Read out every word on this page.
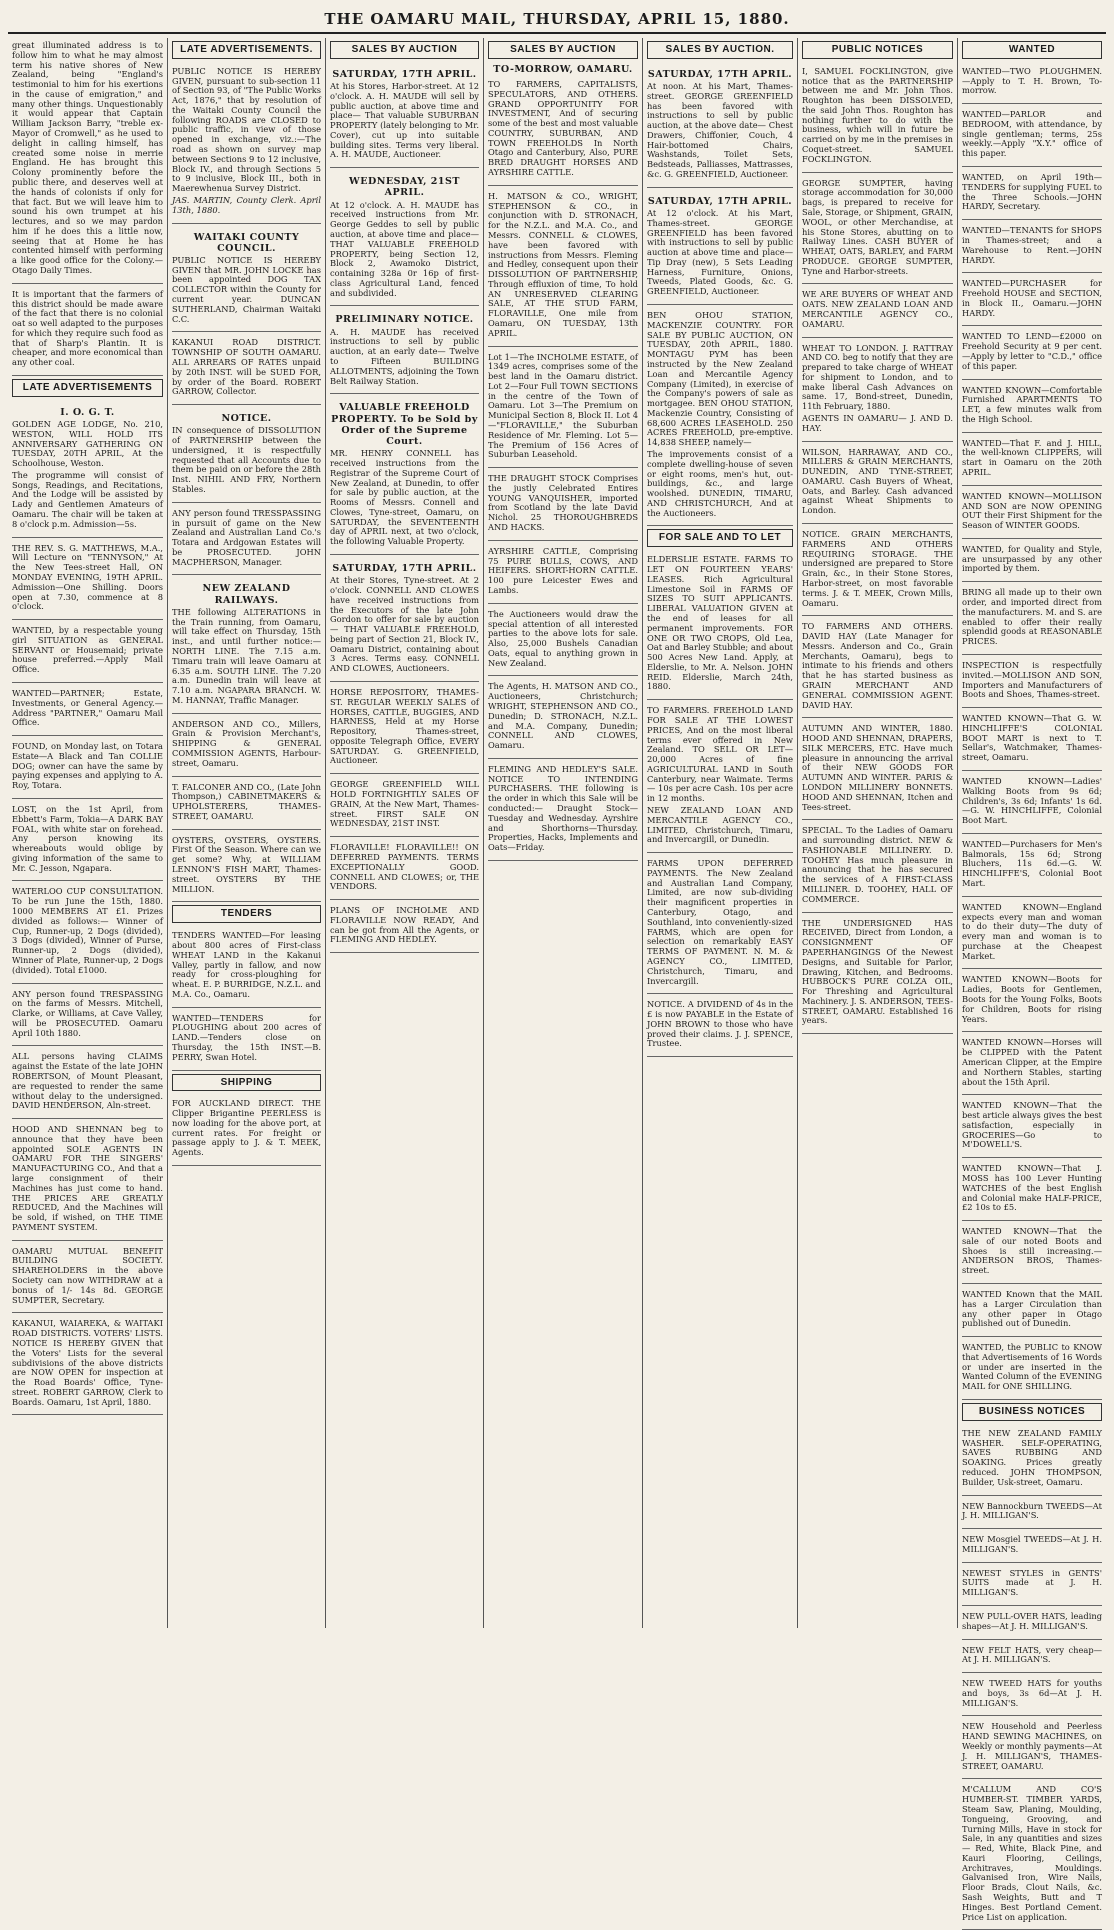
THE OAMARU MAIL, THURSDAY, APRIL 15, 1880.

great illuminated address is to follow him to what he may almost term his native shores of New Zealand, being "England's testimonial to him for his exertions in the cause of emigration," and many other things. Unquestionably it would appear that Captain William Jackson Barry, "treble ex-Mayor of Cromwell," as he used to delight in calling himself, has created some noise in merrie England. He has brought this Colony prominently before the public there, and deserves well at the hands of colonists if only for that fact. But we will leave him to sound his own trumpet at his lectures, and so we may pardon him if he does this a little now, seeing that at Home he has contented himself with performing a like good office for the Colony.—Otago Daily Times.

It is important that the farmers of this district should be made aware of the fact that there is no colonial oat so well adapted to the purposes for which they require such food as that of Sharp's Plantin. It is cheaper, and more economical than any other coal.

LATE ADVERTISEMENTS
I. O. G. T.

GOLDEN AGE LODGE, No. 210, WESTON, WILL HOLD ITS ANNIVERSARY GATHERING ON TUESDAY, 20TH APRIL, At the Schoolhouse, Weston.

The programme will consist of Songs, Readings, and Recitations, And the Lodge will be assisted by Lady and Gentlemen Amateurs of Oamaru. The chair will be taken at 8 o'clock p.m. Admission—5s.

THE REV. S. G. MATTHEWS, M.A., Will Lecture on "TENNYSON," At the New Tees-street Hall, ON MONDAY EVENING, 19TH APRIL. Admission—One Shilling. Doors open at 7.30, commence at 8 o'clock.

WANTED, by a respectable young girl SITUATION as GENERAL SERVANT or Housemaid; private house preferred.—Apply Mail Office.

WANTED—PARTNER; Estate, Investments, or General Agency.—Address "PARTNER," Oamaru Mail Office.

FOUND, on Monday last, on Totara Estate—A Black and Tan COLLIE DOG; owner can have the same by paying expenses and applying to A. Roy, Totara.

LOST, on the 1st April, from Ebbett's Farm, Tokia—A DARK BAY FOAL, with white star on forehead. Any person knowing its whereabouts would oblige by giving information of the same to Mr. C. Jesson, Ngapara.

WATERLOO CUP CONSULTATION. To be run June the 15th, 1880. 1000 MEMBERS AT £1. Prizes divided as follows:— Winner of Cup, Runner-up, 2 Dogs (divided), 3 Dogs (divided), Winner of Purse, Runner-up, 2 Dogs (divided), Winner of Plate, Runner-up, 2 Dogs (divided). Total £1000.

ANY person found TRESPASSING on the farms of Messrs. Mitchell, Clarke, or Williams, at Cave Valley, will be PROSECUTED. Oamaru April 10th 1880.

ALL persons having CLAIMS against the Estate of the late JOHN ROBERTSON, of Mount Pleasant, are requested to render the same without delay to the undersigned. DAVID HENDERSON, Aln-street.

HOOD AND SHENNAN beg to announce that they have been appointed SOLE AGENTS IN OAMARU FOR THE SINGERS' MANUFACTURING CO., And that a large consignment of their Machines has just come to hand. THE PRICES ARE GREATLY REDUCED, And the Machines will be sold, if wished, on THE TIME PAYMENT SYSTEM.

OAMARU MUTUAL BENEFIT BUILDING SOCIETY. SHAREHOLDERS in the above Society can now WITHDRAW at a bonus of 1/- 14s 8d. GEORGE SUMPTER, Secretary.

KAKANUI, WAIAREKA, & WAITAKI ROAD DISTRICTS. VOTERS' LISTS. NOTICE IS HEREBY GIVEN that the Voters' Lists for the several subdivisions of the above districts are NOW OPEN for inspection at the Road Boards' Office, Tyne-street. ROBERT GARROW, Clerk to Boards. Oamaru, 1st April, 1880.

LATE ADVERTISEMENTS.

PUBLIC NOTICE IS HEREBY GIVEN, pursuant to sub-section 11 of Section 93, of "The Public Works Act, 1876," that by resolution of the Waitaki County Council the following ROADS are CLOSED to public traffic, in view of those opened in exchange, viz.:—The road as shown on survey map between Sections 9 to 12 inclusive, Block IV., and through Sections 5 to 9 inclusive, Block III., both in Maerewhenua Survey District.

JAS. MARTIN, County Clerk. April 13th, 1880.

WAITAKI COUNTY COUNCIL.

PUBLIC NOTICE IS HEREBY GIVEN that MR. JOHN LOCKE has been appointed DOG TAX COLLECTOR within the County for current year. DUNCAN SUTHERLAND, Chairman Waitaki C.C.

KAKANUI ROAD DISTRICT. TOWNSHIP OF SOUTH OAMARU. ALL ARREARS OF RATES unpaid by 20th INST. will be SUED FOR, by order of the Board. ROBERT GARROW, Collector.

NOTICE.

IN consequence of DISSOLUTION of PARTNERSHIP between the undersigned, it is respectfully requested that all Accounts due to them be paid on or before the 28th Inst. NIHIL AND FRY, Northern Stables.

ANY person found TRESSPASSING in pursuit of game on the New Zealand and Australian Land Co.'s Totara and Ardgowan Estates will be PROSECUTED. JOHN MACPHERSON, Manager.

NEW ZEALAND RAILWAYS.

THE following ALTERATIONS in the Train running, from Oamaru, will take effect on Thursday, 15th inst., and until further notice:— NORTH LINE. The 7.15 a.m. Timaru train will leave Oamaru at 6.35 a.m. SOUTH LINE. The 7.20 a.m. Dunedin train will leave at 7.10 a.m. NGAPARA BRANCH. W. M. HANNAY, Traffic Manager.

ANDERSON AND CO., Millers, Grain & Provision Merchant's, SHIPPING & GENERAL COMMISSION AGENTS, Harbour-street, Oamaru.

T. FALCONER AND CO., (Late John Thompson,) CABINETMAKERS & UPHOLSTERERS, THAMES-STREET, OAMARU.

OYSTERS, OYSTERS, OYSTERS. First Of the Season. Where can we get some? Why, at WILLIAM LENNON'S FISH MART, Thames-street. OYSTERS BY THE MILLION.

TENDERS

TENDERS WANTED—For leasing about 800 acres of First-class WHEAT LAND in the Kakanui Valley, partly in fallow, and now ready for cross-ploughing for wheat. E. P. BURRIDGE, N.Z.L. and M.A. Co., Oamaru.

WANTED—TENDERS for PLOUGHING about 200 acres of LAND.—Tenders close on Thursday, the 15th INST.—B. PERRY, Swan Hotel.

SHIPPING

FOR AUCKLAND DIRECT. THE Clipper Brigantine PEERLESS is now loading for the above port, at current rates. For freight or passage apply to J. & T. MEEK, Agents.

SALES BY AUCTION
SATURDAY, 17TH APRIL.

At his Stores, Harbor-street. At 12 o'clock. A. H. MAUDE will sell by public auction, at above time and place— That valuable SUBURBAN PROPERTY (lately belonging to Mr. Cover), cut up into suitable building sites. Terms very liberal. A. H. MAUDE, Auctioneer.

WEDNESDAY, 21ST APRIL.

At 12 o'clock. A. H. MAUDE has received instructions from Mr. George Geddes to sell by public auction, at above time and place— THAT VALUABLE FREEHOLD PROPERTY, being Section 12, Block 2, Awamoko District, containing 328a 0r 16p of first-class Agricultural Land, fenced and subdivided.

PRELIMINARY NOTICE.

A. H. MAUDE has received instructions to sell by public auction, at an early date— Twelve to Fifteen BUILDING ALLOTMENTS, adjoining the Town Belt Railway Station.

VALUABLE FREEHOLD PROPERTY. To be Sold by Order of the Supreme Court.

MR. HENRY CONNELL has received instructions from the Registrar of the Supreme Court of New Zealand, at Dunedin, to offer for sale by public auction, at the Rooms of Messrs. Connell and Clowes, Tyne-street, Oamaru, on SATURDAY, the SEVENTEENTH day of APRIL next, at two o'clock, the following Valuable Property.

SATURDAY, 17TH APRIL.

At their Stores, Tyne-street. At 2 o'clock. CONNELL AND CLOWES have received instructions from the Executors of the late John Gordon to offer for sale by auction— THAT VALUABLE FREEHOLD, being part of Section 21, Block IV., Oamaru District, containing about 3 Acres. Terms easy. CONNELL AND CLOWES, Auctioneers.

HORSE REPOSITORY, THAMES-ST. REGULAR WEEKLY SALES of HORSES, CATTLE, BUGGIES, AND HARNESS, Held at my Horse Repository, Thames-street, opposite Telegraph Office, EVERY SATURDAY. G. GREENFIELD, Auctioneer.

GEORGE GREENFIELD WILL HOLD FORTNIGHTLY SALES OF GRAIN, At the New Mart, Thames-street. FIRST SALE ON WEDNESDAY, 21ST INST.

FLORAVILLE! FLORAVILLE!! ON DEFERRED PAYMENTS. TERMS EXCEPTIONALLY GOOD. CONNELL AND CLOWES; or, THE VENDORS.

PLANS OF INCHOLME AND FLORAVILLE NOW READY, And can be got from All the Agents, or FLEMING AND HEDLEY.

SALES BY AUCTION
TO-MORROW, OAMARU.

TO FARMERS, CAPITALISTS, SPECULATORS, AND OTHERS. GRAND OPPORTUNITY FOR INVESTMENT, And of securing some of the best and most valuable COUNTRY, SUBURBAN, AND TOWN FREEHOLDS In North Otago and Canterbury, Also, PURE BRED DRAUGHT HORSES AND AYRSHIRE CATTLE.

H. MATSON & CO., WRIGHT, STEPHENSON & CO., in conjunction with D. STRONACH, for the N.Z.L. and M.A. Co., and Messrs. CONNELL & CLOWES, have been favored with instructions from Messrs. Fleming and Hedley, consequent upon their DISSOLUTION OF PARTNERSHIP, Through effluxion of time, To hold AN UNRESERVED CLEARING SALE, AT THE STUD FARM, FLORAVILLE, One mile from Oamaru, ON TUESDAY, 13th APRIL.

Lot 1—The INCHOLME ESTATE, of 1349 acres, comprises some of the best land in the Oamaru district. Lot 2—Four Full TOWN SECTIONS in the centre of the Town of Oamaru. Lot 3—The Premium on Municipal Section 8, Block II. Lot 4—"FLORAVILLE," the Suburban Residence of Mr. Fleming. Lot 5—The Premium of 156 Acres of Suburban Leasehold.

THE DRAUGHT STOCK Comprises the justly Celebrated Entires YOUNG VANQUISHER, imported from Scotland by the late David Nichol. 25 THOROUGHBREDS AND HACKS.

AYRSHIRE CATTLE, Comprising 75 PURE BULLS, COWS, AND HEIFERS. SHORT-HORN CATTLE. 100 pure Leicester Ewes and Lambs.

The Auctioneers would draw the special attention of all interested parties to the above lots for sale. Also, 25,000 Bushels Canadian Oats, equal to anything grown in New Zealand.

The Agents, H. MATSON AND CO., Auctioneers, Christchurch; WRIGHT, STEPHENSON AND CO., Dunedin; D. STRONACH, N.Z.L. and M.A. Company, Dunedin; CONNELL AND CLOWES, Oamaru.

FLEMING AND HEDLEY'S SALE. NOTICE TO INTENDING PURCHASERS. THE following is the order in which this Sale will be conducted:— Draught Stock—Tuesday and Wednesday. Ayrshire and Shorthorns—Thursday. Properties, Hacks, Implements and Oats—Friday.

SALES BY AUCTION.
SATURDAY, 17TH APRIL.

At noon. At his Mart, Thames-street. GEORGE GREENFIELD has been favored with instructions to sell by public auction, at the above date— Chest Drawers, Chiffonier, Couch, 4 Hair-bottomed Chairs, Washstands, Toilet Sets, Bedsteads, Palliasses, Mattrasses, &c. G. GREENFIELD, Auctioneer.

SATURDAY, 17TH APRIL.

At 12 o'clock. At his Mart, Thames-street. GEORGE GREENFIELD has been favored with instructions to sell by public auction at above time and place— Tip Dray (new), 5 Sets Leading Harness, Furniture, Onions, Tweeds, Plated Goods, &c. G. GREENFIELD, Auctioneer.

BEN OHOU STATION, MACKENZIE COUNTRY. FOR SALE BY PUBLIC AUCTION, ON TUESDAY, 20th APRIL, 1880. MONTAGU PYM has been instructed by the New Zealand Loan and Mercantile Agency Company (Limited), in exercise of the Company's powers of sale as mortgagee. BEN OHOU STATION, Mackenzie Country, Consisting of 68,600 ACRES LEASEHOLD. 250 ACRES FREEHOLD, pre-emptive. 14,838 SHEEP, namely—

The improvements consist of a complete dwelling-house of seven or eight rooms, men's hut, out-buildings, &c., and large woolshed. DUNEDIN, TIMARU, AND CHRISTCHURCH, And at the Auctioneers.

FOR SALE AND TO LET

ELDERSLIE ESTATE. FARMS TO LET ON FOURTEEN YEARS' LEASES. Rich Agricultural Limestone Soil in FARMS OF SIZES TO SUIT APPLICANTS. LIBERAL VALUATION GIVEN at the end of leases for all permanent improvements. FOR ONE OR TWO CROPS, Old Lea, Oat and Barley Stubble; and about 500 Acres New Land. Apply, at Elderslie, to Mr. A. Nelson. JOHN REID. Elderslie, March 24th, 1880.

TO FARMERS. FREEHOLD LAND FOR SALE AT THE LOWEST PRICES, And on the most liberal terms ever offered in New Zealand. TO SELL OR LET— 20,000 Acres of fine AGRICULTURAL LAND in South Canterbury, near Waimate. Terms— 10s per acre Cash. 10s per acre in 12 months.

NEW ZEALAND LOAN AND MERCANTILE AGENCY CO., LIMITED, Christchurch, Timaru, and Invercargill, or Dunedin.

FARMS UPON DEFERRED PAYMENTS. The New Zealand and Australian Land Company, Limited, are now sub-dividing their magnificent properties in Canterbury, Otago, and Southland, into conveniently-sized FARMS, which are open for selection on remarkably EASY TERMS OF PAYMENT. N. M. & AGENCY CO., LIMITED, Christchurch, Timaru, and Invercargill.

NOTICE. A DIVIDEND of 4s in the £ is now PAYABLE in the Estate of JOHN BROWN to those who have proved their claims. J. J. SPENCE, Trustee.

PUBLIC NOTICES

I, SAMUEL FOCKLINGTON, give notice that as the PARTNERSHIP between me and Mr. John Thos. Roughton has been DISSOLVED, the said John Thos. Roughton has nothing further to do with the business, which will in future be carried on by me in the premises in Coquet-street. SAMUEL FOCKLINGTON.

GEORGE SUMPTER, having storage accommodation for 30,000 bags, is prepared to receive for Sale, Storage, or Shipment, GRAIN, WOOL, or other Merchandise, at his Stone Stores, abutting on to Railway Lines. CASH BUYER of WHEAT, OATS, BARLEY, and FARM PRODUCE. GEORGE SUMPTER, Tyne and Harbor-streets.

WE ARE BUYERS OF WHEAT AND OATS. NEW ZEALAND LOAN AND MERCANTILE AGENCY CO., OAMARU.

WHEAT TO LONDON. J. RATTRAY AND CO. beg to notify that they are prepared to take charge of WHEAT for shipment to London, and to make liberal Cash Advances on same. 17, Bond-street, Dunedin, 11th February, 1880.

AGENTS IN OAMARU— J. AND D. HAY.

WILSON, HARRAWAY, AND CO., MILLERS & GRAIN MERCHANTS, DUNEDIN, AND TYNE-STREET, OAMARU. Cash Buyers of Wheat, Oats, and Barley. Cash advanced against Wheat Shipments to London.

NOTICE. GRAIN MERCHANTS, FARMERS AND OTHERS REQUIRING STORAGE. THE undersigned are prepared to Store Grain, &c., in their Stone Stores, Harbor-street, on most favorable terms. J. & T. MEEK, Crown Mills, Oamaru.

TO FARMERS AND OTHERS. DAVID HAY (Late Manager for Messrs. Anderson and Co., Grain Merchants, Oamaru), begs to intimate to his friends and others that he has started business as GRAIN MERCHANT AND GENERAL COMMISSION AGENT. DAVID HAY.

AUTUMN AND WINTER, 1880. HOOD AND SHENNAN, DRAPERS, SILK MERCERS, ETC. Have much pleasure in announcing the arrival of their NEW GOODS FOR AUTUMN AND WINTER. PARIS & LONDON MILLINERY BONNETS. HOOD AND SHENNAN, Itchen and Tees-street.

SPECIAL. To the Ladies of Oamaru and surrounding district. NEW & FASHIONABLE MILLINERY. D. TOOHEY Has much pleasure in announcing that he has secured the services of A FIRST-CLASS MILLINER. D. TOOHEY, HALL OF COMMERCE.

THE UNDERSIGNED HAS RECEIVED, Direct from London, a CONSIGNMENT OF PAPERHANGINGS Of the Newest Designs, and Suitable for Parlor, Drawing, Kitchen, and Bedrooms. HUBBOCK'S PURE COLZA OIL, For Threshing and Agricultural Machinery. J. S. ANDERSON, TEES-STREET, OAMARU. Established 16 years.

WANTED

WANTED—TWO PLOUGHMEN.—Apply to T. H. Brown, To-morrow.

WANTED—PARLOR and BEDROOM, with attendance, by single gentleman; terms, 25s weekly.—Apply "X.Y." office of this paper.

WANTED, on April 19th—TENDERS for supplying FUEL to the Three Schools.—JOHN HARDY, Secretary.

WANTED—TENANTS for SHOPS in Thames-street; and a Warehouse to Rent.—JOHN HARDY.

WANTED—PURCHASER for Freehold HOUSE and SECTION, in Block II., Oamaru.—JOHN HARDY.

WANTED TO LEND—£2000 on Freehold Security at 9 per cent.—Apply by letter to "C.D.," office of this paper.

WANTED KNOWN—Comfortable Furnished APARTMENTS TO LET, a few minutes walk from the High School.

WANTED—That F. and J. HILL, the well-known CLIPPERS, will start in Oamaru on the 20th APRIL.

WANTED KNOWN—MOLLISON AND SON are NOW OPENING OUT their First Shipment for the Season of WINTER GOODS.

WANTED, for Quality and Style, are unsurpassed by any other imported by them.

BRING all made up to their own order, and imported direct from the manufacturers. M. and S. are enabled to offer their really splendid goods at REASONABLE PRICES.

INSPECTION is respectfully invited.—MOLLISON AND SON, Importers and Manufacturers of Boots and Shoes, Thames-street.

WANTED KNOWN—That G. W. HINCHLIFFE'S COLONIAL BOOT MART is next to T. Sellar's, Watchmaker, Thames-street, Oamaru.

WANTED KNOWN—Ladies' Walking Boots from 9s 6d; Children's, 3s 6d; Infants' 1s 6d.—G. W. HINCHLIFFE, Colonial Boot Mart.

WANTED—Purchasers for Men's Balmorals, 15s 6d; Strong Bluchers, 11s 6d.—G. W. HINCHLIFFE'S, Colonial Boot Mart.

WANTED KNOWN—England expects every man and woman to do their duty—The duty of every man and woman is to purchase at the Cheapest Market.

WANTED KNOWN—Boots for Ladies, Boots for Gentlemen, Boots for the Young Folks, Boots for Children, Boots for rising Years.

WANTED KNOWN—Horses will be CLIPPED with the Patent American Clipper, at the Empire and Northern Stables, starting about the 15th April.

WANTED KNOWN—That the best article always gives the best satisfaction, especially in GROCERIES—Go to M'DOWELL'S.

WANTED KNOWN—That J. MOSS has 100 Lever Hunting WATCHES of the best English and Colonial make HALF-PRICE, £2 10s to £5.

WANTED KNOWN—That the sale of our noted Boots and Shoes is still increasing.—ANDERSON BROS, Thames-street.

WANTED Known that the MAIL has a Larger Circulation than any other paper in Otago published out of Dunedin.

WANTED, the PUBLIC to KNOW that Advertisements of 16 Words or under are inserted in the Wanted Column of the EVENING MAIL for ONE SHILLING.

BUSINESS NOTICES

THE NEW ZEALAND FAMILY WASHER. SELF-OPERATING, SAVES RUBBING AND SOAKING. Prices greatly reduced. JOHN THOMPSON, Builder, Usk-street, Oamaru.

NEW Bannockburn TWEEDS—At J. H. MILLIGAN'S.

NEW Mosgiel TWEEDS—At J. H. MILLIGAN'S.

NEWEST STYLES in GENTS' SUITS made at J. H. MILLIGAN'S.

NEW PULL-OVER HATS, leading shapes—At J. H. MILLIGAN'S.

NEW FELT HATS, very cheap—At J. H. MILLIGAN'S.

NEW TWEED HATS for youths and boys, 3s 6d—At J. H. MILLIGAN'S.

NEW Household and Peerless HAND SEWING MACHINES, on Weekly or monthly payments—At J. H. MILLIGAN'S, THAMES-STREET, OAMARU.

M'CALLUM AND CO'S HUMBER-ST. TIMBER YARDS, Steam Saw, Planing, Moulding, Tongueing, Grooving, and Turning Mills, Have in stock for Sale, in any quantities and sizes— Red, White, Black Pine, and Kauri Flooring, Ceilings, Architraves, Mouldings. Galvanised Iron, Wire Nails, Floor Brads, Clout Nails, &c. Sash Weights, Butt and T Hinges. Best Portland Cement. Price List on application.
